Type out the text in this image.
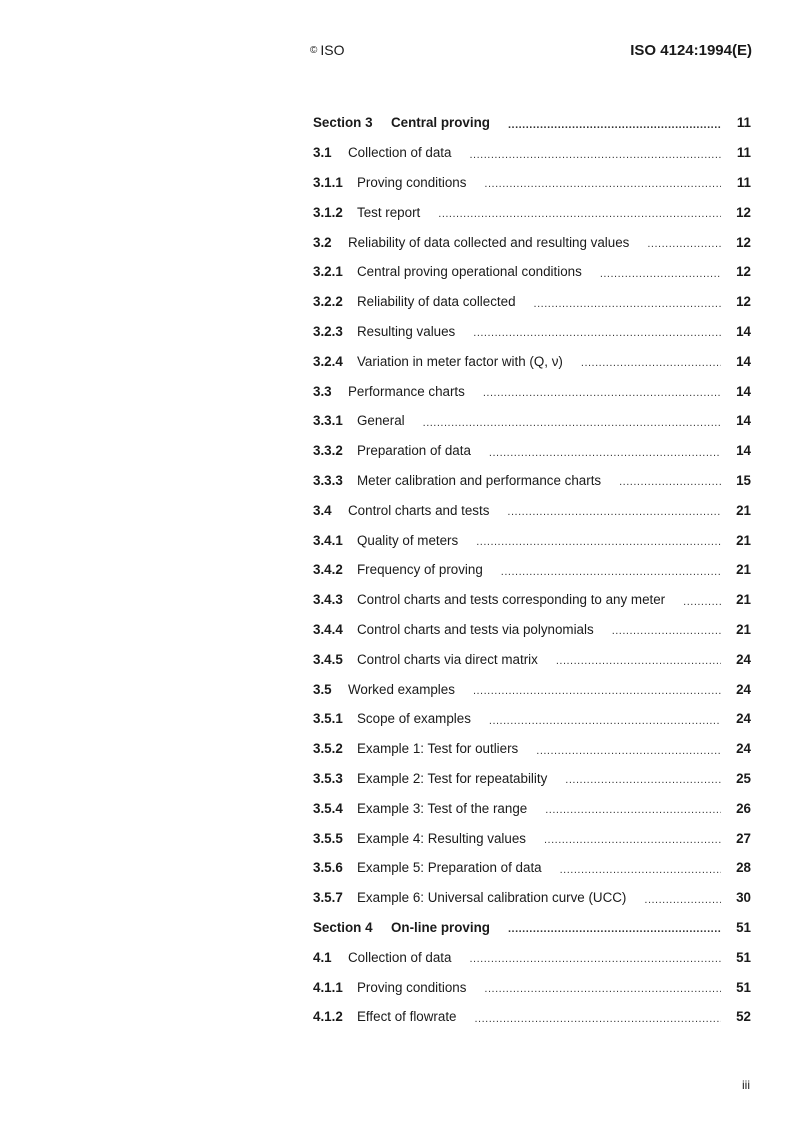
© ISO	ISO 4124:1994(E)
Section 3	Central proving .....	11
3.1	Collection of data .....	11
3.1.1	Proving conditions .....	11
3.1.2	Test report .....	12
3.2	Reliability of data collected and resulting values .....	12
3.2.1	Central proving operational conditions .....	12
3.2.2	Reliability of data collected .....	12
3.2.3	Resulting values .....	14
3.2.4	Variation in meter factor with (Q, ν) .....	14
3.3	Performance charts .....	14
3.3.1	General .....	14
3.3.2	Preparation of data .....	14
3.3.3	Meter calibration and performance charts .....	15
3.4	Control charts and tests .....	21
3.4.1	Quality of meters .....	21
3.4.2	Frequency of proving .....	21
3.4.3	Control charts and tests corresponding to any meter .....	21
3.4.4	Control charts and tests via polynomials .....	21
3.4.5	Control charts via direct matrix .....	24
3.5	Worked examples .....	24
3.5.1	Scope of examples .....	24
3.5.2	Example 1: Test for outliers .....	24
3.5.3	Example 2: Test for repeatability .....	25
3.5.4	Example 3: Test of the range .....	26
3.5.5	Example 4: Resulting values .....	27
3.5.6	Example 5: Preparation of data .....	28
3.5.7	Example 6: Universal calibration curve (UCC) .....	30
Section 4	On-line proving .....	51
4.1	Collection of data .....	51
4.1.1	Proving conditions .....	51
4.1.2	Effect of flowrate .....	52
iii
